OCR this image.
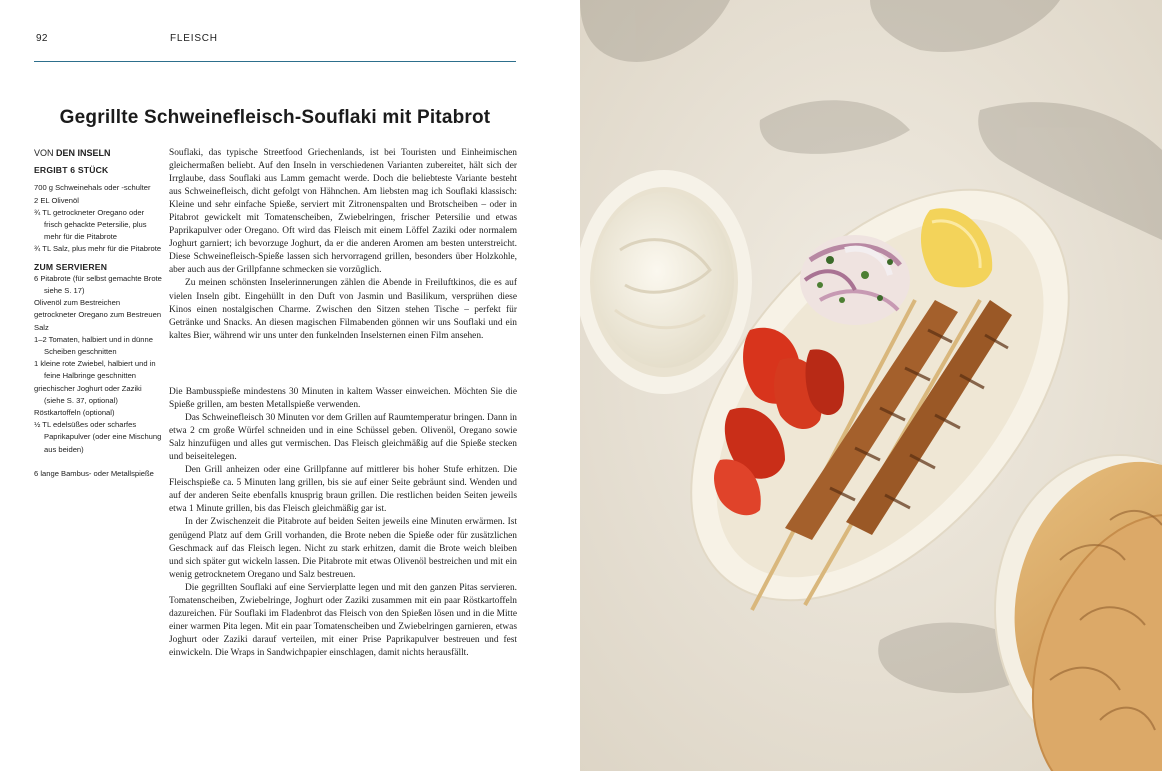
92	FLEISCH
Gegrillte Schweinefleisch-Souflaki mit Pitabrot
VON DEN INSELN
ERGIBT 6 STÜCK
700 g Schweinehals oder -schulter
2 EL Olivenöl
¾ TL getrockneter Oregano oder frisch gehackte Petersilie, plus mehr für die Pitabrote
¾ TL Salz, plus mehr für die Pitabrote
ZUM SERVIEREN
6 Pitabrote (für selbst gemachte Brote siehe S. 17)
Olivenöl zum Bestreichen
getrockneter Oregano zum Bestreuen
Salz
1–2 Tomaten, halbiert und in dünne Scheiben geschnitten
1 kleine rote Zwiebel, halbiert und in feine Halbringe geschnitten
griechischer Joghurt oder Zaziki (siehe S. 37, optional)
Röstkartoffeln (optional)
½ TL edelsüßes oder scharfes Paprikapulver (oder eine Mischung aus beiden)
6 lange Bambus- oder Metallspieße

Souflaki, das typische Streetfood Griechenlands, ist bei Touristen und Einheimischen gleichermaßen beliebt. Auf den Inseln in verschiedenen Varianten zubereitet, hält sich der Irrglaube, dass Souflaki aus Lamm gemacht werde. Doch die beliebteste Variante besteht aus Schweinefleisch, dicht gefolgt von Hähnchen. Am liebsten mag ich Souflaki klassisch: Kleine und sehr einfache Spieße, serviert mit Zitronenspalten und Brotscheiben – oder in Pitabrot gewickelt mit Tomatenscheiben, Zwiebelringen, frischer Petersilie und etwas Paprikapulver oder Oregano. Oft wird das Fleisch mit einem Löffel Zaziki oder normalem Joghurt garniert; ich bevorzuge Joghurt, da er die anderen Aromen am besten unterstreicht. Diese Schweinefleisch-Spieße lassen sich hervorragend grillen, besonders über Holzkohle, aber auch aus der Grillpfanne schmecken sie vorzüglich.

Zu meinen schönsten Inselerinnerungen zählen die Abende in Freiluftkinos, die es auf vielen Inseln gibt. Eingehüllt in den Duft von Jasmin und Basilikum, versprühen diese Kinos einen nostalgischen Charme. Zwischen den Sitzen stehen Tische – perfekt für Getränke und Snacks. An diesen magischen Filmabenden gönnen wir uns Souflaki und ein kaltes Bier, während wir uns unter den funkelnden Inselsternen einen Film ansehen.

Die Bambusspieße mindestens 30 Minuten in kaltem Wasser einweichen. Möchten Sie die Spieße grillen, am besten Metallspieße verwenden.

Das Schweinefleisch 30 Minuten vor dem Grillen auf Raumtemperatur bringen. Dann in etwa 2 cm große Würfel schneiden und in eine Schüssel geben. Olivenöl, Oregano sowie Salz hinzufügen und alles gut vermischen. Das Fleisch gleichmäßig auf die Spieße stecken und beiseitelegen.

Den Grill anheizen oder eine Grillpfanne auf mittlerer bis hoher Stufe erhitzen. Die Fleischspieße ca. 5 Minuten lang grillen, bis sie auf einer Seite gebräunt sind. Wenden und auf der anderen Seite ebenfalls knusprig braun grillen. Die restlichen beiden Seiten jeweils etwa 1 Minute grillen, bis das Fleisch gleichmäßig gar ist.

In der Zwischenzeit die Pitabrote auf beiden Seiten jeweils eine Minuten erwärmen. Ist genügend Platz auf dem Grill vorhanden, die Brote neben die Spieße oder für zusätzlichen Geschmack auf das Fleisch legen. Nicht zu stark erhitzen, damit die Brote weich bleiben und sich später gut wickeln lassen. Die Pitabrote mit etwas Olivenöl bestreichen und mit ein wenig getrocknetem Oregano und Salz bestreuen.

Die gegrillten Souflaki auf eine Servierplatte legen und mit den ganzen Pitas servieren. Tomatenscheiben, Zwiebelringe, Joghurt oder Zaziki zusammen mit ein paar Röstkartoffeln dazureichen. Für Souflaki im Fladenbrot das Fleisch von den Spießen lösen und in die Mitte einer warmen Pita legen. Mit ein paar Tomatenscheiben und Zwiebelringen garnieren, etwas Joghurt oder Zaziki darauf verteilen, mit einer Prise Paprikapulver bestreuen und fest einwickeln. Die Wraps in Sandwichpapier einschlagen, damit nichts herausfällt.
